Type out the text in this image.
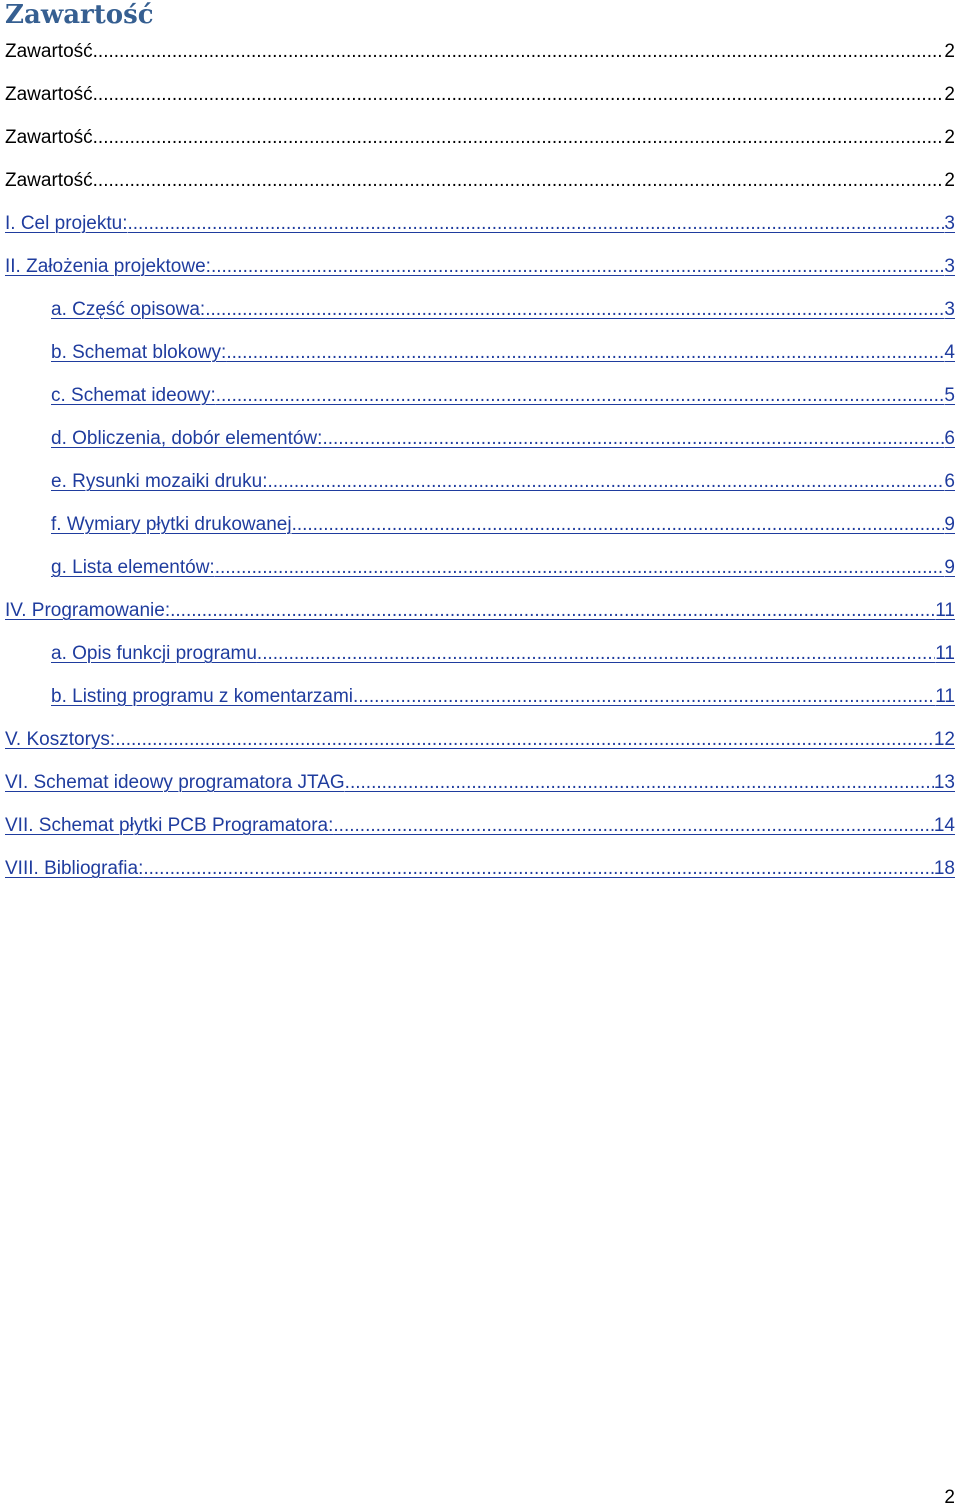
Zawartość
Zawartość .....	2
Zawartość .....	2
Zawartość .....	2
Zawartość .....	2
I. Cel projektu: .....	3
II. Założenia projektowe: .....	3
a. Część opisowa: .....	3
b. Schemat blokowy: .....	4
c. Schemat ideowy: .....	5
d. Obliczenia, dobór elementów: .....	6
e. Rysunki mozaiki druku: .....	6
f. Wymiary płytki drukowanej .....	9
g. Lista elementów: .....	9
IV. Programowanie: .....	11
a. Opis funkcji programu .....	11
b. Listing programu z komentarzami .....	11
V. Kosztorys: .....	12
VI. Schemat ideowy programatora JTAG .....	13
VII. Schemat płytki PCB Programatora: .....	14
VIII. Bibliografia: .....	18
2
